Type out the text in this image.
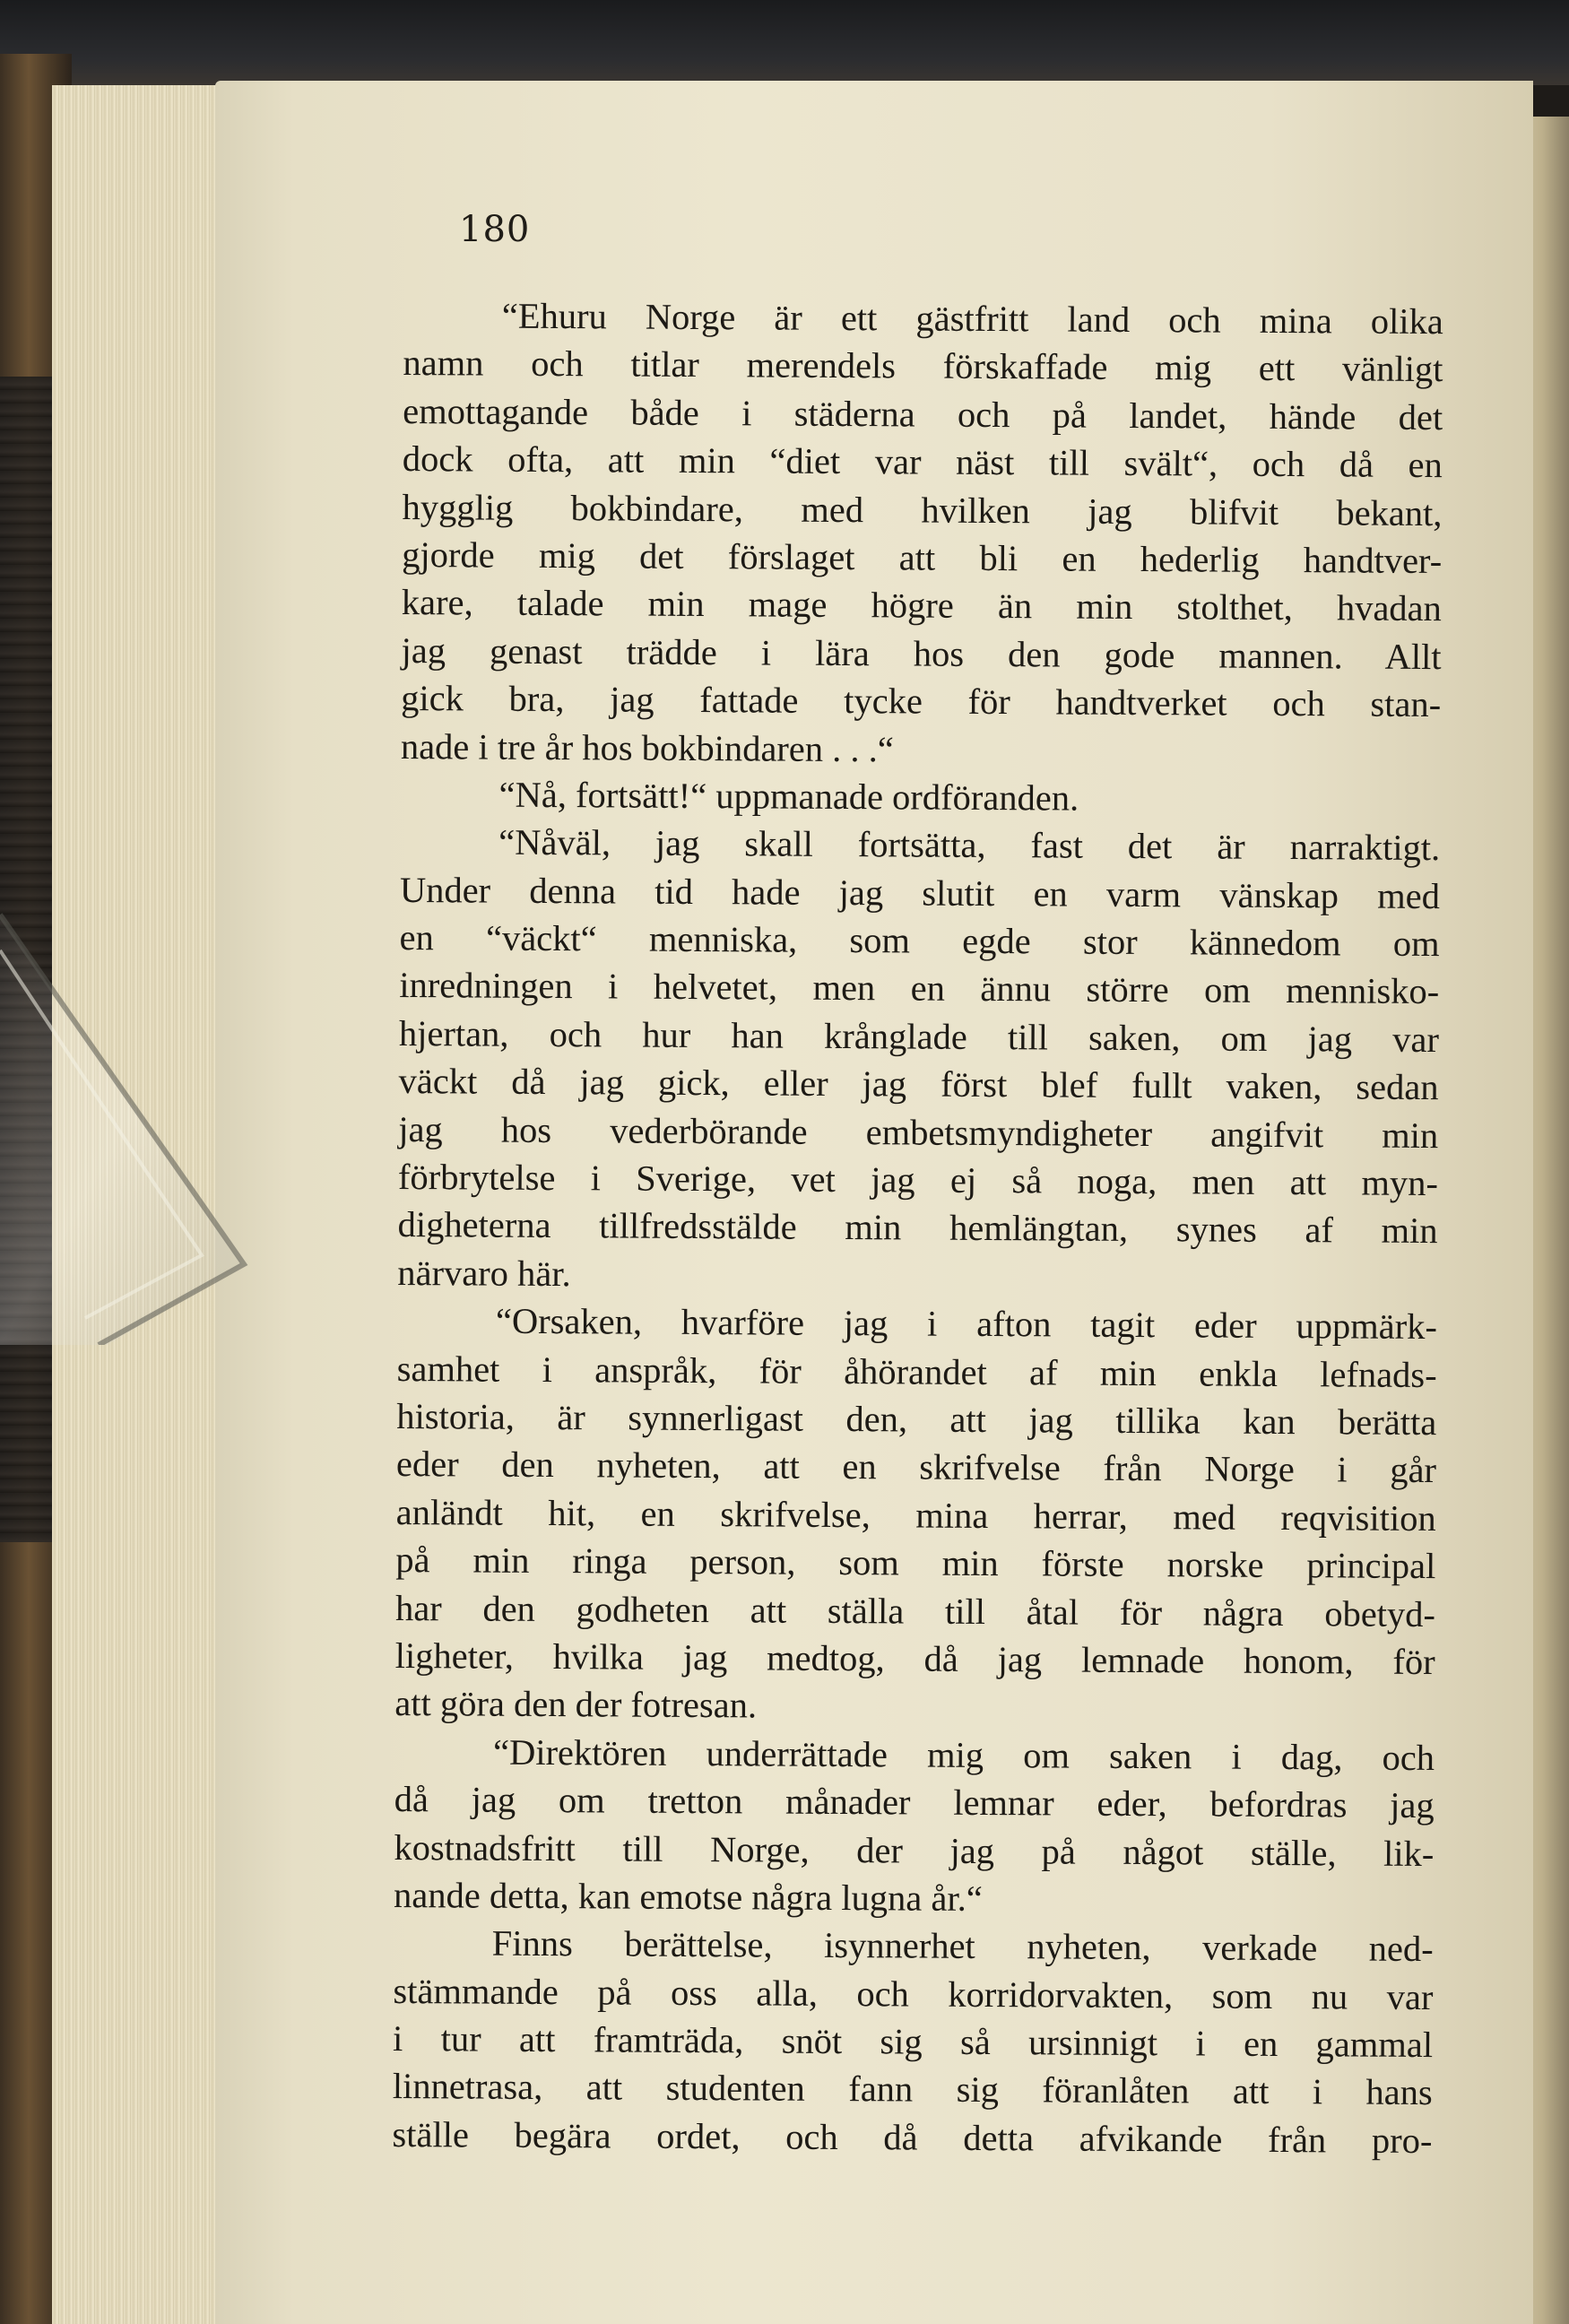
180
“Ehuru Norge är ett gästfritt land och mina olika
namn och titlar merendels förskaffade mig ett vänligt
emottagande både i städerna och på landet, hände det
dock ofta, att min “diet var näst till svält“, och då en
hygglig bokbindare, med hvilken jag blifvit bekant,
gjorde mig det förslaget att bli en hederlig handtver-
kare, talade min mage högre än min stolthet, hvadan
jag genast trädde i lära hos den gode mannen. Allt
gick bra, jag fattade tycke för handtverket och stan-
nade i tre år hos bokbindaren . . .“
“Nå, fortsätt!“ uppmanade ordföranden.
“Nåväl, jag skall fortsätta, fast det är narraktigt.
Under denna tid hade jag slutit en varm vänskap med
en “väckt“ menniska, som egde stor kännedom om
inredningen i helvetet, men en ännu större om mennisko-
hjertan, och hur han krånglade till saken, om jag var
väckt då jag gick, eller jag först blef fullt vaken, sedan
jag hos vederbörande embetsmyndigheter angifvit min
förbrytelse i Sverige, vet jag ej så noga, men att myn-
digheterna tillfredsstälde min hemlängtan, synes af min
närvaro här.
“Orsaken, hvarföre jag i afton tagit eder uppmärk-
samhet i anspråk, för åhörandet af min enkla lefnads-
historia, är synnerligast den, att jag tillika kan berätta
eder den nyheten, att en skrifvelse från Norge i går
anländt hit, en skrifvelse, mina herrar, med reqvisition
på min ringa person, som min förste norske principal
har den godheten att ställa till åtal för några obetyd-
ligheter, hvilka jag medtog, då jag lemnade honom, för
att göra den der fotresan.
“Direktören underrättade mig om saken i dag, och
då jag om tretton månader lemnar eder, befordras jag
kostnadsfritt till Norge, der jag på något ställe, lik-
nande detta, kan emotse några lugna år.“
Finns berättelse, isynnerhet nyheten, verkade ned-
stämmande på oss alla, och korridorvakten, som nu var
i tur att framträda, snöt sig så ursinnigt i en gammal
linnetrasa, att studenten fann sig föranlåten att i hans
ställe begära ordet, och då detta afvikande från pro-
